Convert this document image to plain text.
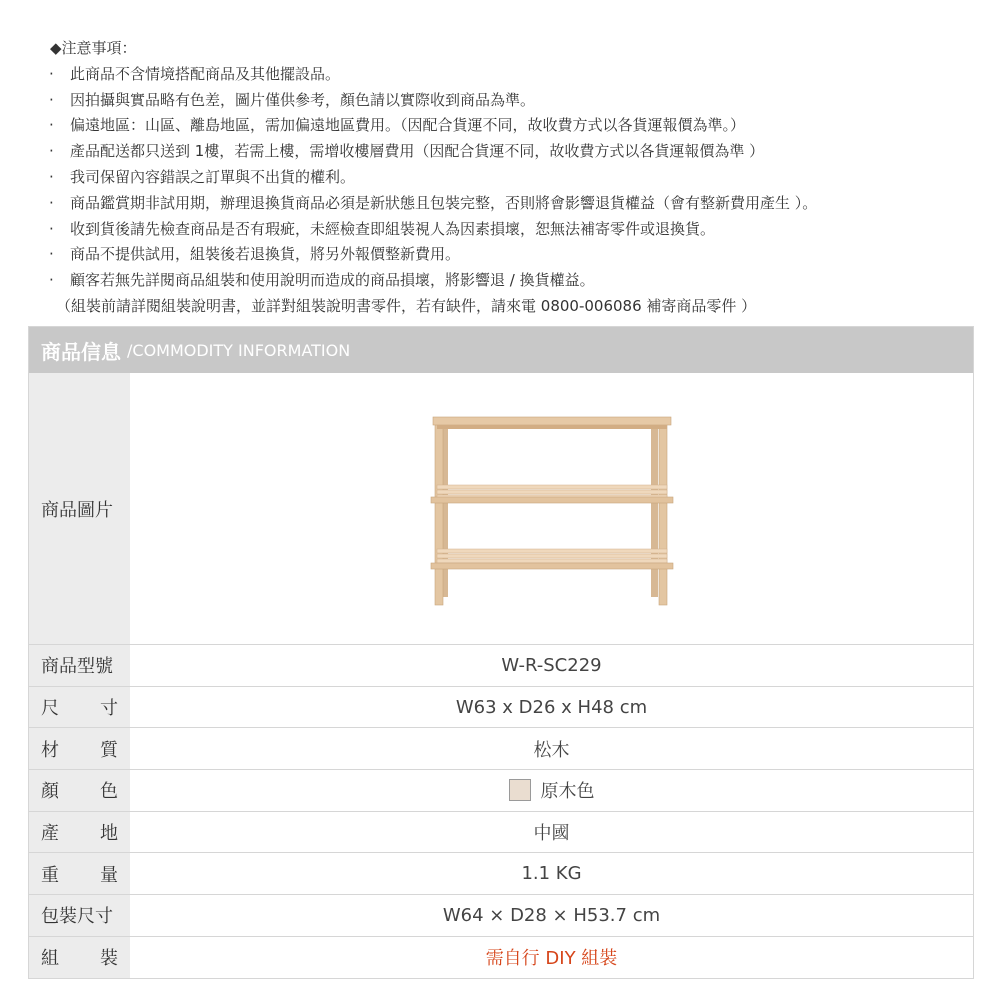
◆注意事項：
·	此商品不含情境搭配商品及其他擺設品。
·	因拍攝與實品略有色差，圖片僅供參考，顏色請以實際收到商品為準。
·	偏遠地區：山區、離島地區，需加偏遠地區費用。（因配合貨運不同，故收費方式以各貨運報價為準。）
·	產品配送都只送到 1樓，若需上樓，需增收樓層費用（因配合貨運不同，故收費方式以各貨運報價為準 ）
·	我司保留內容錯誤之訂單與不出貨的權利。
·	商品鑑賞期非試用期，辦理退換貨商品必須是新狀態且包裝完整，否則將會影響退貨權益（會有整新費用產生 ）。
·	收到貨後請先檢查商品是否有瑕疵，未經檢查即組裝視人為因素損壞，恕無法補寄零件或退換貨。
·	商品不提供試用，組裝後若退換貨，將另外報價整新費用。
·	顧客若無先詳閱商品組裝和使用說明而造成的商品損壞，將影響退 / 換貨權益。
（組裝前請詳閱組裝說明書，並詳對組裝說明書零件，若有缺件，請來電 0800-006086 補寄商品零件 ）
商品信息 /COMMODITY INFORMATION
商品圖片
商品型號	W-R-SC229
尺 寸	W63 x D26 x H48 cm
材 質	松木
顏 色	原木色
產 地	中國
重 量	1.1 KG
包裝尺寸	W64 × D28 × H53.7 cm
組 裝	需自行 DIY 組裝
